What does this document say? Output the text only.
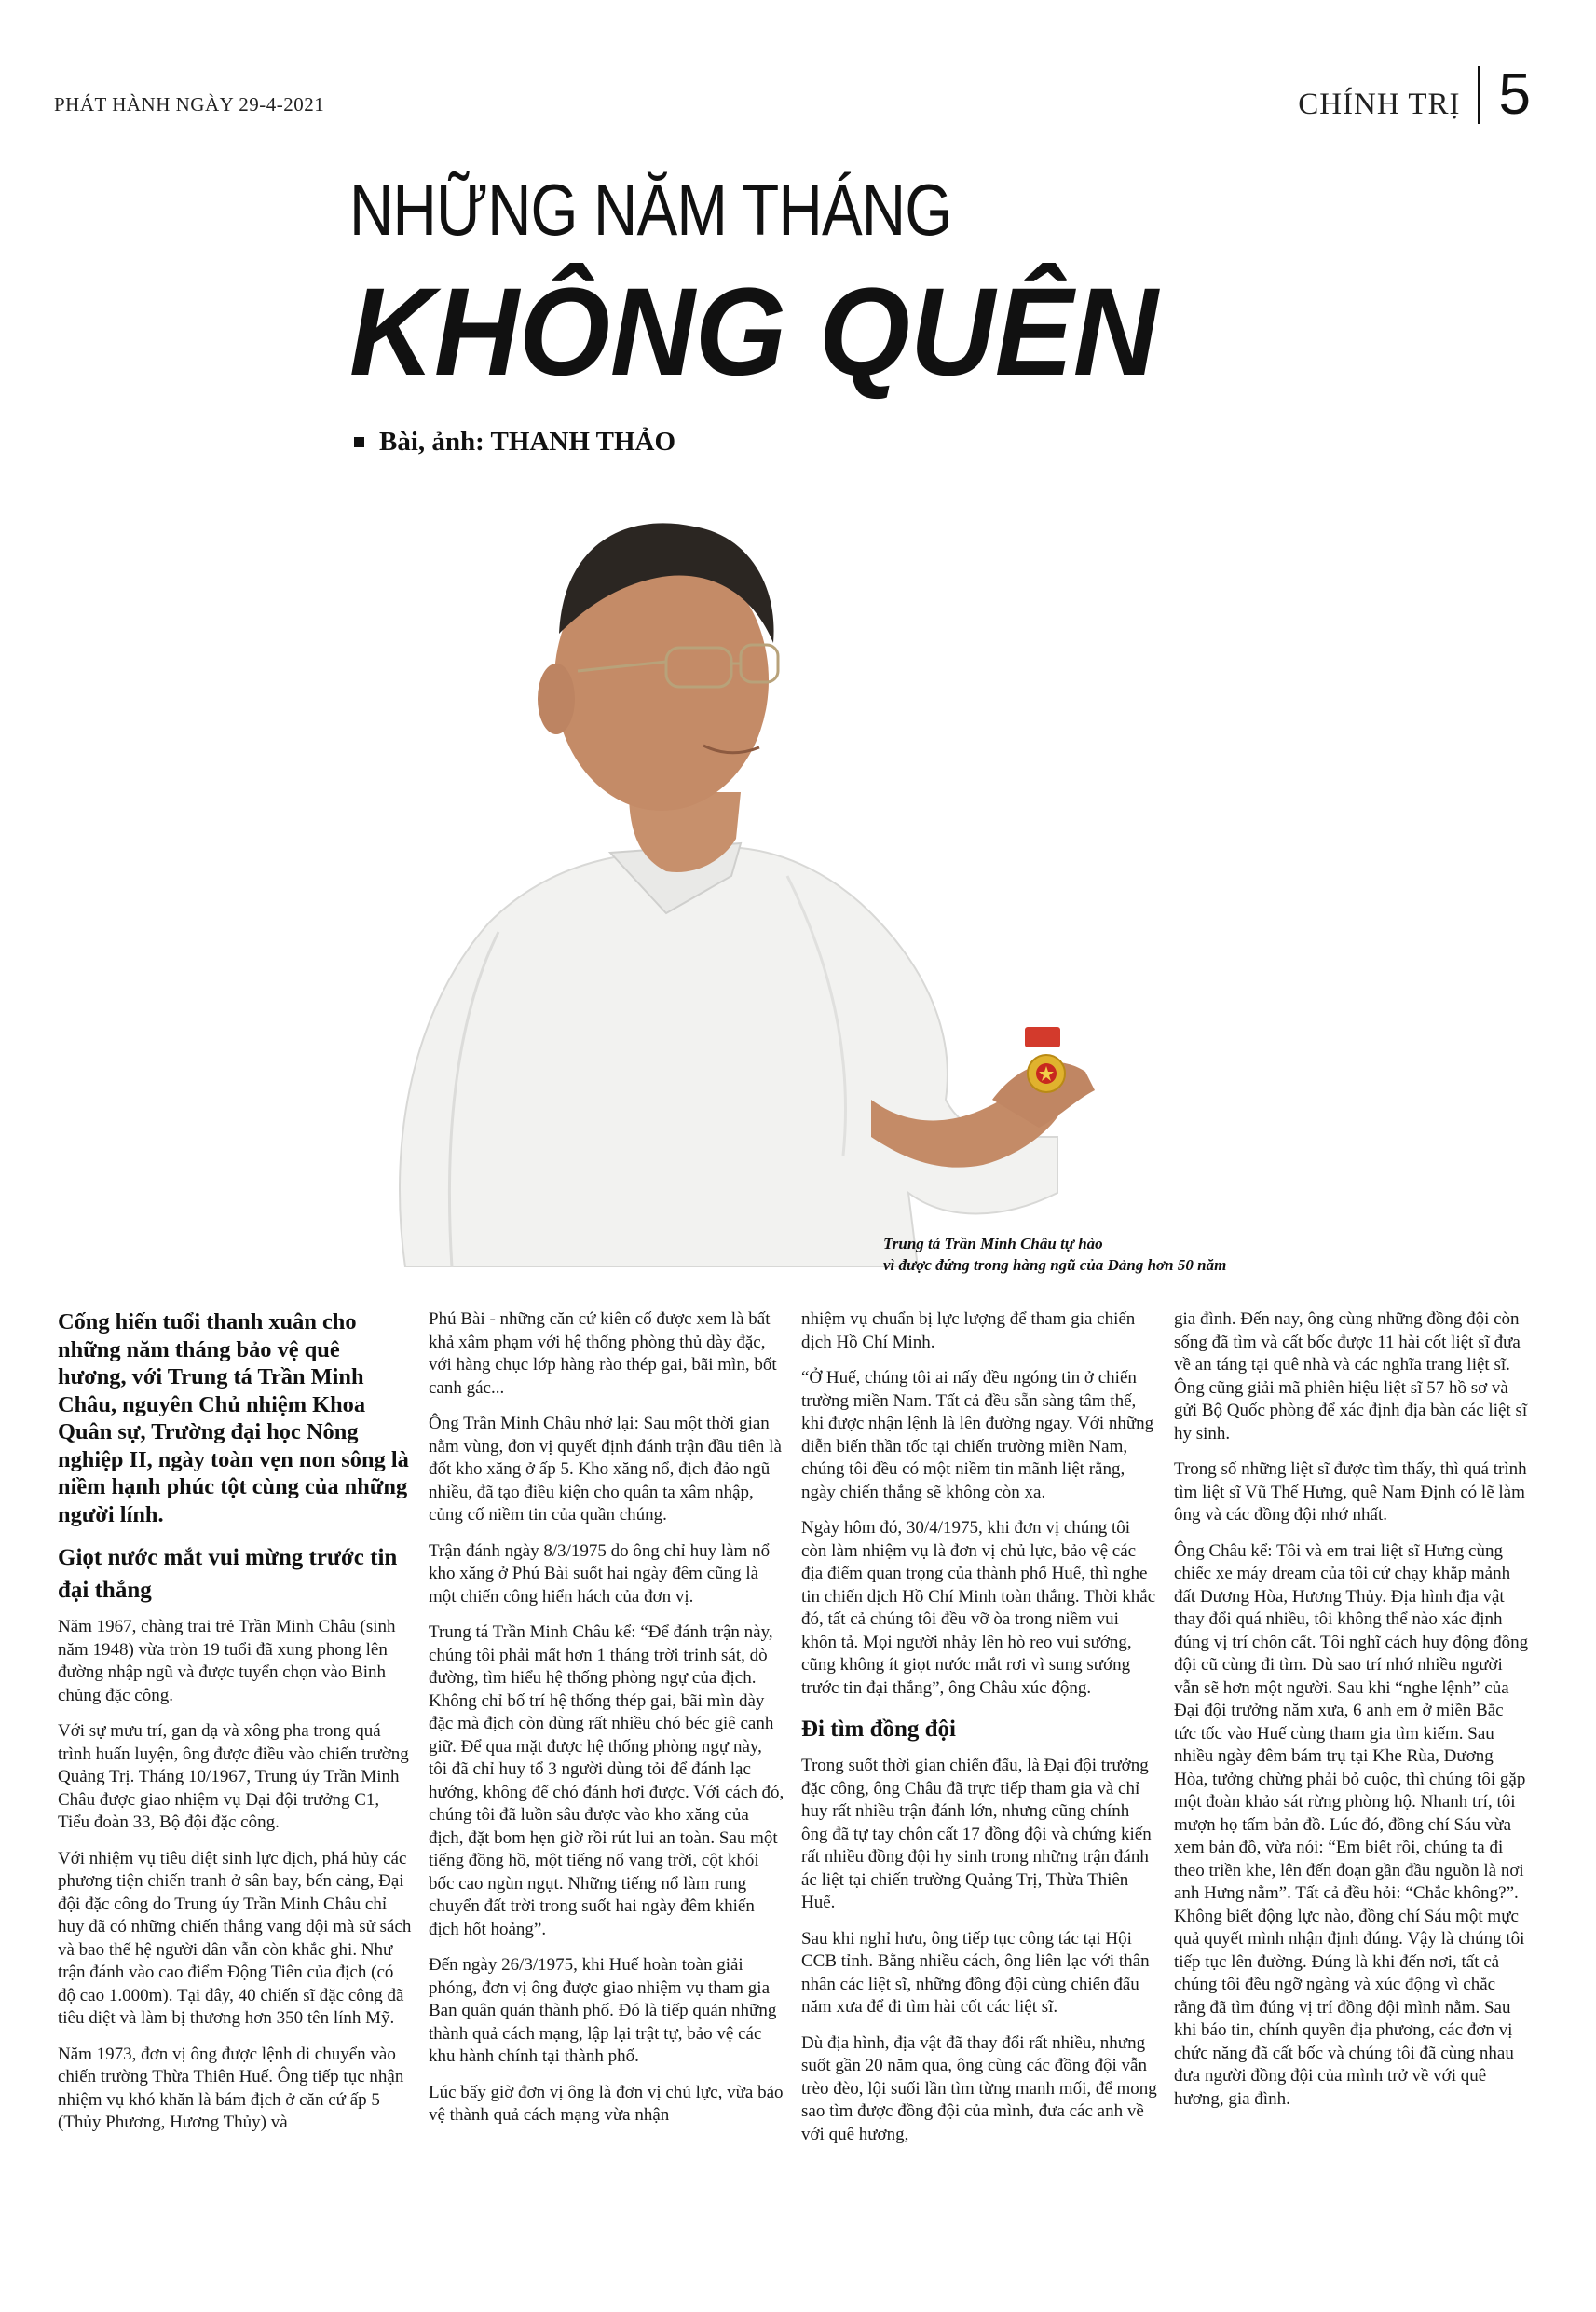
PHÁT HÀNH NGÀY 29-4-2021	CHÍNH TRỊ 5
NHỮNG NĂM THÁNG
KHÔNG QUÊN
Bài, ảnh: THANH THẢO
Trung tá Trần Minh Châu tự hào
vì được đứng trong hàng ngũ của Đảng hơn 50 năm

Cống hiến tuổi thanh xuân cho những năm tháng bảo vệ quê hương, với Trung tá Trần Minh Châu, nguyên Chủ nhiệm Khoa Quân sự, Trường đại học Nông nghiệp II, ngày toàn vẹn non sông là niềm hạnh phúc tột cùng của những người lính.

Giọt nước mắt vui mừng trước tin đại thắng

Năm 1967, chàng trai trẻ Trần Minh Châu (sinh năm 1948) vừa tròn 19 tuổi đã xung phong lên đường nhập ngũ và được tuyển chọn vào Binh chủng đặc công.

Với sự mưu trí, gan dạ và xông pha trong quá trình huấn luyện, ông được điều vào chiến trường Quảng Trị. Tháng 10/1967, Trung úy Trần Minh Châu được giao nhiệm vụ Đại đội trưởng C1, Tiểu đoàn 33, Bộ đội đặc công.

Với nhiệm vụ tiêu diệt sinh lực địch, phá hủy các phương tiện chiến tranh ở sân bay, bến cảng, Đại đội đặc công do Trung úy Trần Minh Châu chỉ huy đã có những chiến thắng vang dội mà sử sách và bao thế hệ người dân vẫn còn khắc ghi. Như trận đánh vào cao điểm Động Tiên của địch (có độ cao 1.000m). Tại đây, 40 chiến sĩ đặc công đã tiêu diệt và làm bị thương hơn 350 tên lính Mỹ.

Năm 1973, đơn vị ông được lệnh di chuyển vào chiến trường Thừa Thiên Huế. Ông tiếp tục nhận nhiệm vụ khó khăn là bám địch ở căn cứ ấp 5 (Thủy Phương, Hương Thủy) và

Phú Bài - những căn cứ kiên cố được xem là bất khả xâm phạm với hệ thống phòng thủ dày đặc, với hàng chục lớp hàng rào thép gai, bãi mìn, bốt canh gác...

Ông Trần Minh Châu nhớ lại: Sau một thời gian nằm vùng, đơn vị quyết định đánh trận đầu tiên là đốt kho xăng ở ấp 5. Kho xăng nổ, địch đảo ngũ nhiều, đã tạo điều kiện cho quân ta xâm nhập, củng cố niềm tin của quần chúng.

Trận đánh ngày 8/3/1975 do ông chỉ huy làm nổ kho xăng ở Phú Bài suốt hai ngày đêm cũng là một chiến công hiển hách của đơn vị.

Trung tá Trần Minh Châu kể: “Để đánh trận này, chúng tôi phải mất hơn 1 tháng trời trinh sát, dò đường, tìm hiểu hệ thống phòng ngự của địch. Không chỉ bố trí hệ thống thép gai, bãi mìn dày đặc mà địch còn dùng rất nhiều chó béc giê canh giữ. Để qua mặt được hệ thống phòng ngự này, tôi đã chỉ huy tổ 3 người dùng tỏi để đánh lạc hướng, không để chó đánh hơi được. Với cách đó, chúng tôi đã luồn sâu được vào kho xăng của địch, đặt bom hẹn giờ rồi rút lui an toàn. Sau một tiếng đồng hồ, một tiếng nổ vang trời, cột khói bốc cao ngùn ngụt. Những tiếng nổ làm rung chuyển đất trời trong suốt hai ngày đêm khiến địch hốt hoảng”.

Đến ngày 26/3/1975, khi Huế hoàn toàn giải phóng, đơn vị ông được giao nhiệm vụ tham gia Ban quân quản thành phố. Đó là tiếp quản những thành quả cách mạng, lập lại trật tự, bảo vệ các khu hành chính tại thành phố.

Lúc bấy giờ đơn vị ông là đơn vị chủ lực, vừa bảo vệ thành quả cách mạng vừa nhận

nhiệm vụ chuẩn bị lực lượng để tham gia chiến dịch Hồ Chí Minh.

“Ở Huế, chúng tôi ai nấy đều ngóng tin ở chiến trường miền Nam. Tất cả đều sẵn sàng tâm thế, khi được nhận lệnh là lên đường ngay. Với những diễn biến thần tốc tại chiến trường miền Nam, chúng tôi đều có một niềm tin mãnh liệt rằng, ngày chiến thắng sẽ không còn xa.

Ngày hôm đó, 30/4/1975, khi đơn vị chúng tôi còn làm nhiệm vụ là đơn vị chủ lực, bảo vệ các địa điểm quan trọng của thành phố Huế, thì nghe tin chiến dịch Hồ Chí Minh toàn thắng. Thời khắc đó, tất cả chúng tôi đều vỡ òa trong niềm vui khôn tả. Mọi người nhảy lên hò reo vui sướng, cũng không ít giọt nước mắt rơi vì sung sướng trước tin đại thắng”, ông Châu xúc động.

Đi tìm đồng đội

Trong suốt thời gian chiến đấu, là Đại đội trưởng đặc công, ông Châu đã trực tiếp tham gia và chỉ huy rất nhiều trận đánh lớn, nhưng cũng chính ông đã tự tay chôn cất 17 đồng đội và chứng kiến rất nhiều đồng đội hy sinh trong những trận đánh ác liệt tại chiến trường Quảng Trị, Thừa Thiên Huế.

Sau khi nghỉ hưu, ông tiếp tục công tác tại Hội CCB tỉnh. Bằng nhiều cách, ông liên lạc với thân nhân các liệt sĩ, những đồng đội cùng chiến đấu năm xưa để đi tìm hài cốt các liệt sĩ.

Dù địa hình, địa vật đã thay đổi rất nhiều, nhưng suốt gần 20 năm qua, ông cùng các đồng đội vẫn trèo đèo, lội suối lần tìm từng manh mối, để mong sao tìm được đồng đội của mình, đưa các anh về với quê hương,

gia đình. Đến nay, ông cùng những đồng đội còn sống đã tìm và cất bốc được 11 hài cốt liệt sĩ đưa về an táng tại quê nhà và các nghĩa trang liệt sĩ. Ông cũng giải mã phiên hiệu liệt sĩ 57 hồ sơ và gửi Bộ Quốc phòng để xác định địa bàn các liệt sĩ hy sinh.

Trong số những liệt sĩ được tìm thấy, thì quá trình tìm liệt sĩ Vũ Thế Hưng, quê Nam Định có lẽ làm ông và các đồng đội nhớ nhất.

Ông Châu kể: Tôi và em trai liệt sĩ Hưng cùng chiếc xe máy dream của tôi cứ chạy khắp mảnh đất Dương Hòa, Hương Thủy. Địa hình địa vật thay đổi quá nhiều, tôi không thể nào xác định đúng vị trí chôn cất. Tôi nghĩ cách huy động đồng đội cũ cùng đi tìm. Dù sao trí nhớ nhiều người vẫn sẽ hơn một người. Sau khi “nghe lệnh” của Đại đội trưởng năm xưa, 6 anh em ở miền Bắc tức tốc vào Huế cùng tham gia tìm kiếm. Sau nhiều ngày đêm bám trụ tại Khe Rùa, Dương Hòa, tưởng chừng phải bỏ cuộc, thì chúng tôi gặp một đoàn khảo sát rừng phòng hộ. Nhanh trí, tôi mượn họ tấm bản đồ. Lúc đó, đồng chí Sáu vừa xem bản đồ, vừa nói: “Em biết rồi, chúng ta đi theo triền khe, lên đến đoạn gần đầu nguồn là nơi anh Hưng nằm”. Tất cả đều hỏi: “Chắc không?”. Không biết động lực nào, đồng chí Sáu một mực quả quyết mình nhận định đúng. Vậy là chúng tôi tiếp tục lên đường. Đúng là khi đến nơi, tất cả chúng tôi đều ngỡ ngàng và xúc động vì chắc rằng đã tìm đúng vị trí đồng đội mình nằm. Sau khi báo tin, chính quyền địa phương, các đơn vị chức năng đã cất bốc và chúng tôi đã cùng nhau đưa người đồng đội của mình trở về với quê hương, gia đình.
